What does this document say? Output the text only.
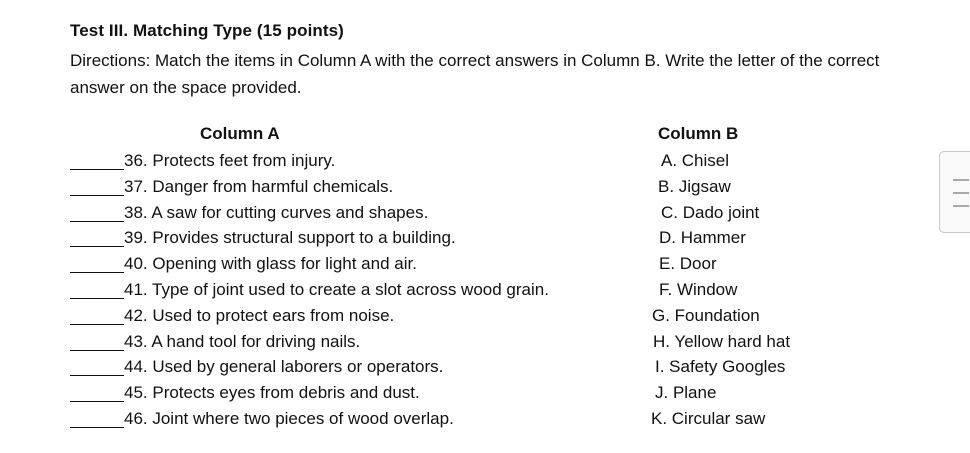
Test III. Matching Type (15 points)
Directions: Match the items in Column A with the correct answers in Column B. Write the letter of the correct answer on the space provided.
Column A	Column B
36. Protects feet from injury.
37. Danger from harmful chemicals.
38. A saw for cutting curves and shapes.
39. Provides structural support to a building.
40. Opening with glass for light and air.
41. Type of joint used to create a slot across wood grain.
42. Used to protect ears from noise.
43. A hand tool for driving nails.
44. Used by general laborers or operators.
45. Protects eyes from debris and dust.
46. Joint where two pieces of wood overlap.
A. Chisel
B. Jigsaw
C. Dado joint
D. Hammer
E. Door
F. Window
G. Foundation
H. Yellow hard hat
I. Safety Googles
J. Plane
K. Circular saw
